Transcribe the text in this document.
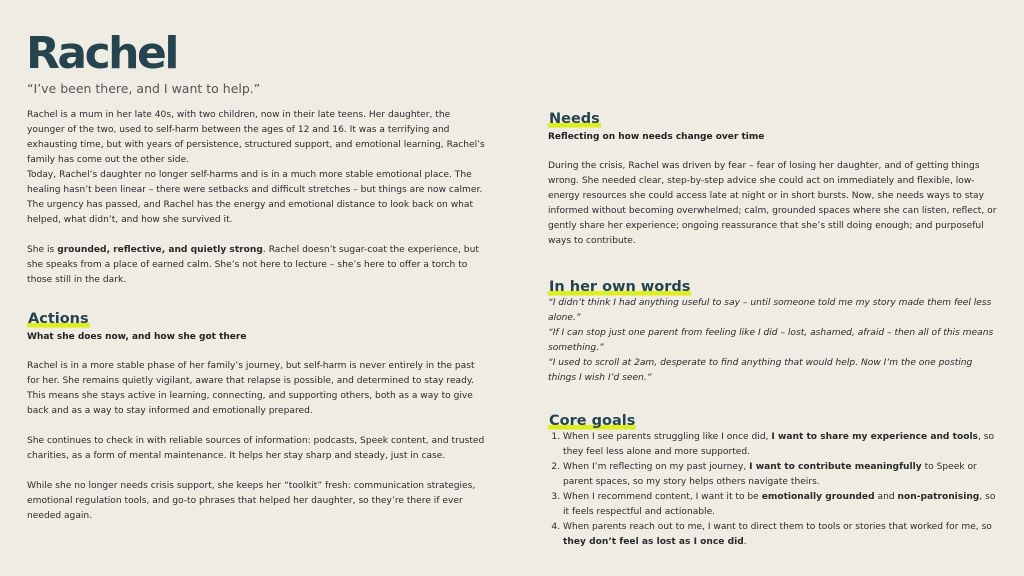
Rachel
“I’ve been there, and I want to help.”

Rachel is a mum in her late 40s, with two children, now in their late teens. Her daughter, the younger of the two, used to self-harm between the ages of 12 and 16. It was a terrifying and exhausting time, but with years of persistence, structured support, and emotional learning, Rachel’s family has come out the other side.

Today, Rachel’s daughter no longer self-harms and is in a much more stable emotional place. The healing hasn’t been linear – there were setbacks and difficult stretches – but things are now calmer. The urgency has passed, and Rachel has the energy and emotional distance to look back on what helped, what didn’t, and how she survived it.

She is grounded, reflective, and quietly strong. Rachel doesn’t sugar-coat the experience, but she speaks from a place of earned calm. She’s not here to lecture – she’s here to offer a torch to those still in the dark.

Actions
What she does now, and how she got there

Rachel is in a more stable phase of her family’s journey, but self-harm is never entirely in the past for her. She remains quietly vigilant, aware that relapse is possible, and determined to stay ready. This means she stays active in learning, connecting, and supporting others, both as a way to give back and as a way to stay informed and emotionally prepared.

She continues to check in with reliable sources of information: podcasts, Speek content, and trusted charities, as a form of mental maintenance. It helps her stay sharp and steady, just in case.

While she no longer needs crisis support, she keeps her “toolkit” fresh: communication strategies, emotional regulation tools, and go-to phrases that helped her daughter, so they’re there if ever needed again.

Needs
Reflecting on how needs change over time

During the crisis, Rachel was driven by fear – fear of losing her daughter, and of getting things wrong. She needed clear, step-by-step advice she could act on immediately and flexible, low-energy resources she could access late at night or in short bursts. Now, she needs ways to stay informed without becoming overwhelmed; calm, grounded spaces where she can listen, reflect, or gently share her experience; ongoing reassurance that she’s still doing enough; and purposeful ways to contribute.

In her own words

“I didn’t think I had anything useful to say – until someone told me my story made them feel less alone.”

“If I can stop just one parent from feeling like I did – lost, ashamed, afraid – then all of this means something.”

“I used to scroll at 2am, desperate to find anything that would help. Now I’m the one posting things I wish I’d seen.”

Core goals
1. When I see parents struggling like I once did, I want to share my experience and tools, so they feel less alone and more supported.
2. When I’m reflecting on my past journey, I want to contribute meaningfully to Speek or parent spaces, so my story helps others navigate theirs.
3. When I recommend content, I want it to be emotionally grounded and non-patronising, so it feels respectful and actionable.
4. When parents reach out to me, I want to direct them to tools or stories that worked for me, so they don’t feel as lost as I once did.
